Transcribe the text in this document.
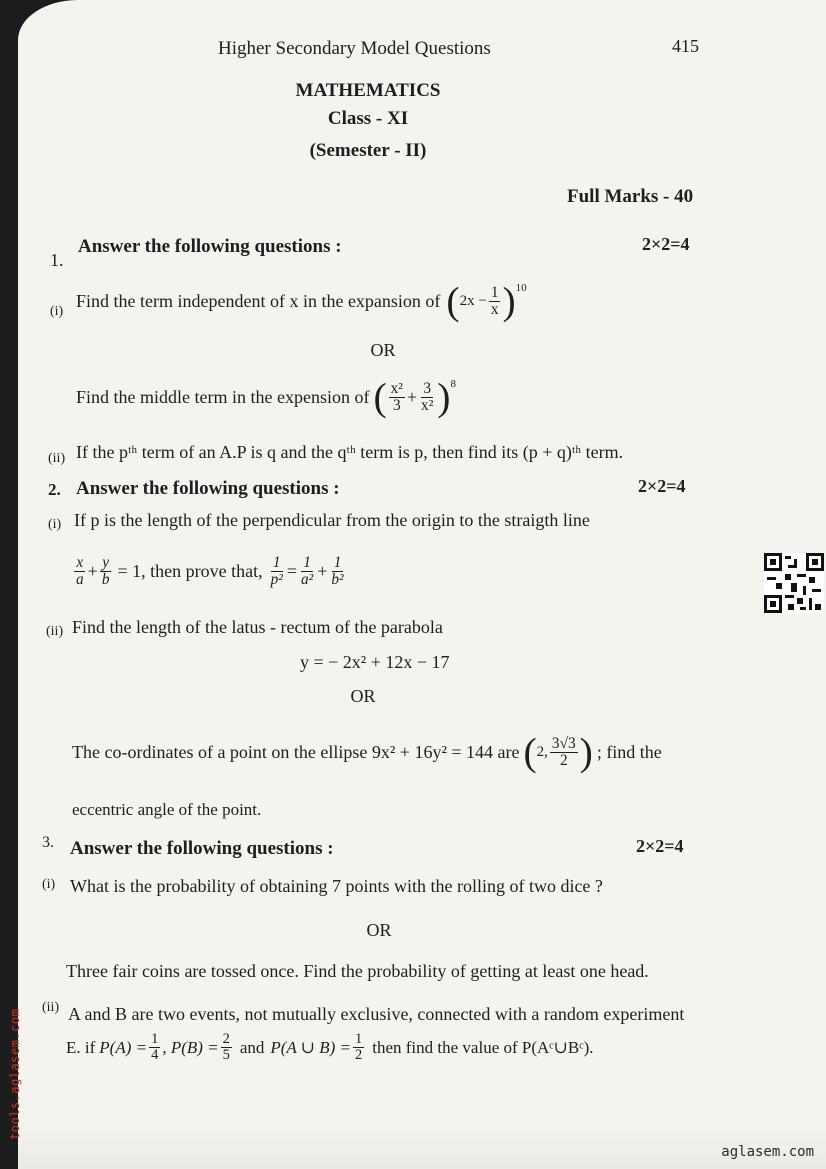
Higher Secondary Model Questions	415
MATHEMATICS
Class - XI
(Semester - II)
Full Marks - 40
1.
Answer the following questions :	2×2=4
(i)
Find the term independent of x in the expansion of ( $2x - \frac{1}{x}$ ) 10
OR
Find the middle term in the expension of ( $\frac{\text{x²}}{3} + \frac{3}{\text{x²}}$ ) 8
(ii) If the pᵗʰ term of an A.P is q and the qᵗʰ term is p, then find its (p + q)ᵗʰ term.
2. Answer the following questions :	2×2=4
(i) If p is the length of the perpendicular from the origin to the straigth line
$\frac{x}{a} + \frac{y}{b} = 1$, then prove that, $\frac{1}{\text{p²}} = \frac{1}{\text{a²}} + \frac{1}{\text{b²}}$
(ii) Find the length of the latus - rectum of the parabola
y = − 2x² + 12x − 17
OR
The co-ordinates of a point on the ellipse 9x² + 16y² = 144 are ( 2, $\frac{3√3}{2}$ ) ; find the
eccentric angle of the point.
3. Answer the following questions :	2×2=4
(i) What is the probability of obtaining 7 points with the rolling of two dice ?
OR
Three fair coins are tossed once. Find the probability of getting at least one head.
(ii) A and B are two events, not mutually exclusive, connected with a random experiment
E. if $P(A) = \frac{1}{4}$ , $P(B) = \frac{2}{5}$ and P(A ∪ $B) = \frac{1}{2}$ then find the value of P(Aᶜ∪Bᶜ).
tools.aglasem.com
aglasem.com
